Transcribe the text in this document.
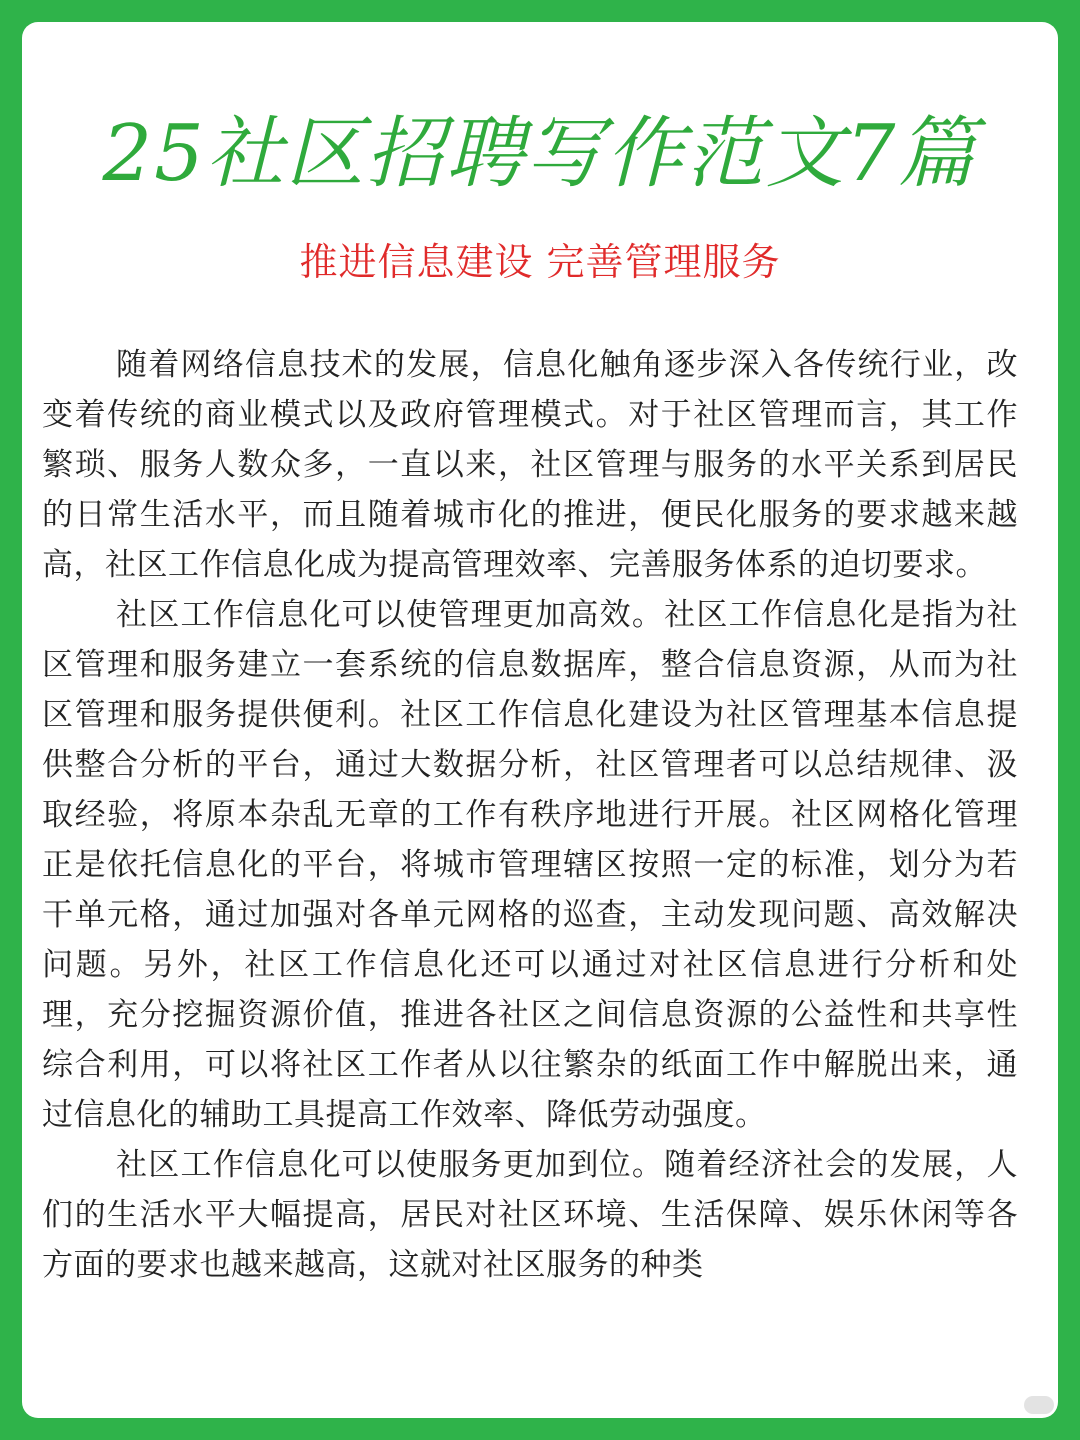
25社区招聘写作范文7篇
推进信息建设 完善管理服务

随着网络信息技术的发展，信息化触角逐步深入各传统行业，改变着传统的商业模式以及政府管理模式。对于社区管理而言，其工作繁琐、服务人数众多，一直以来，社区管理与服务的水平关系到居民的日常生活水平，而且随着城市化的推进，便民化服务的要求越来越高，社区工作信息化成为提高管理效率、完善服务体系的迫切要求。

社区工作信息化可以使管理更加高效。社区工作信息化是指为社区管理和服务建立一套系统的信息数据库，整合信息资源，从而为社区管理和服务提供便利。社区工作信息化建设为社区管理基本信息提供整合分析的平台，通过大数据分析，社区管理者可以总结规律、汲取经验，将原本杂乱无章的工作有秩序地进行开展。社区网格化管理正是依托信息化的平台，将城市管理辖区按照一定的标准，划分为若干单元格，通过加强对各单元网格的巡查，主动发现问题、高效解决问题。另外，社区工作信息化还可以通过对社区信息进行分析和处理，充分挖掘资源价值，推进各社区之间信息资源的公益性和共享性综合利用，可以将社区工作者从以往繁杂的纸面工作中解脱出来，通过信息化的辅助工具提高工作效率、降低劳动强度。

社区工作信息化可以使服务更加到位。随着经济社会的发展，人们的生活水平大幅提高，居民对社区环境、生活保障、娱乐休闲等各方面的要求也越来越高，这就对社区服务的种类
